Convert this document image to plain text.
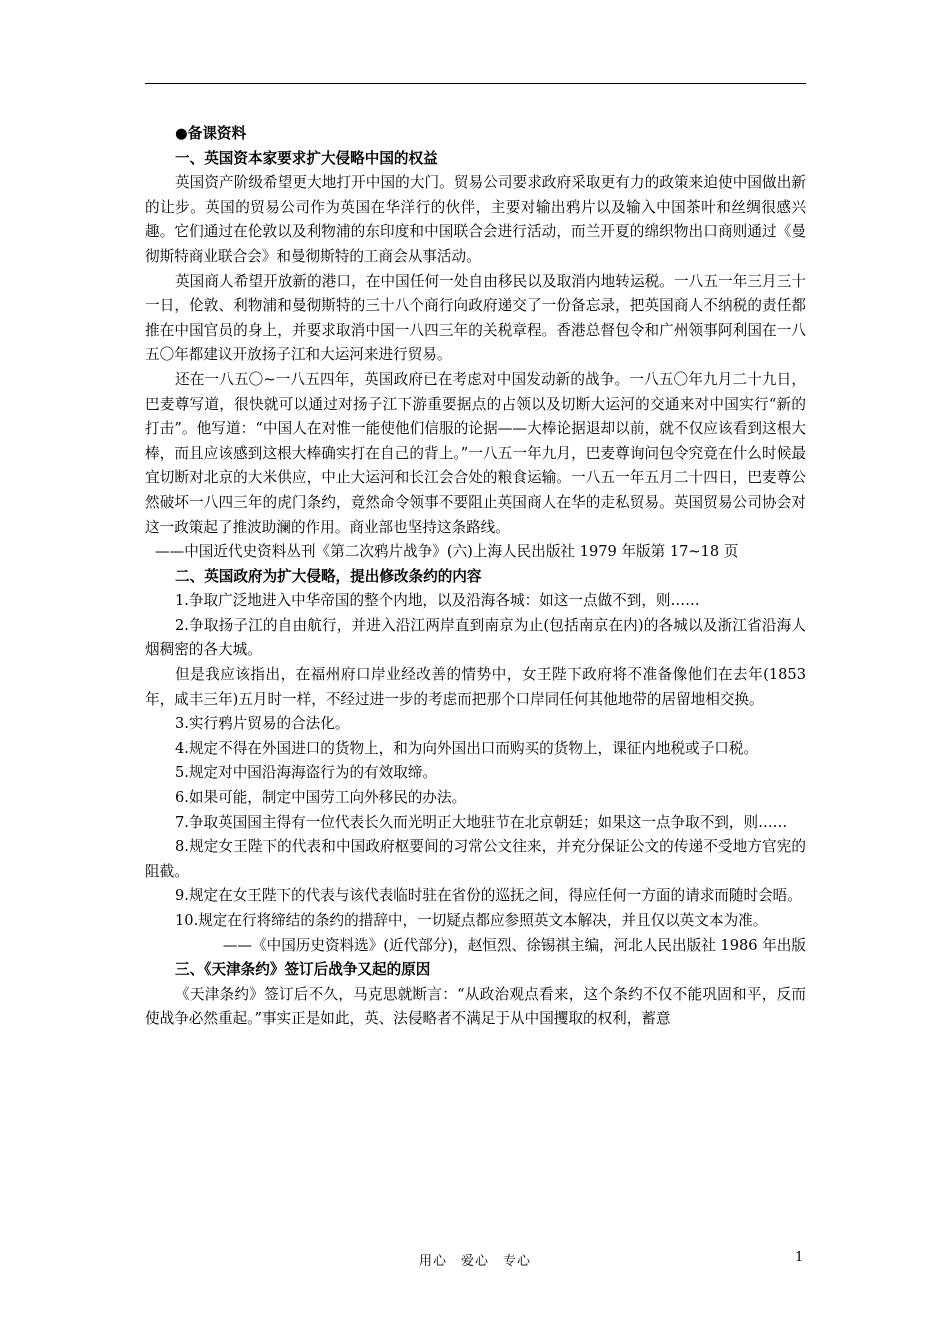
●备课资料

一、英国资本家要求扩大侵略中国的权益

英国资产阶级希望更大地打开中国的大门。贸易公司要求政府采取更有力的政策来迫使中国做出新的让步。英国的贸易公司作为英国在华洋行的伙伴，主要对输出鸦片以及输入中国茶叶和丝绸很感兴趣。它们通过在伦敦以及利物浦的东印度和中国联合会进行活动，而兰开夏的绵织物出口商则通过《曼彻斯特商业联合会》和曼彻斯特的工商会从事活动。

英国商人希望开放新的港口，在中国任何一处自由移民以及取消内地转运税。一八五一年三月三十一日，伦敦、利物浦和曼彻斯特的三十八个商行向政府递交了一份备忘录，把英国商人不纳税的责任都推在中国官员的身上，并要求取消中国一八四三年的关税章程。香港总督包令和广州领事阿利国在一八五〇年都建议开放扬子江和大运河来进行贸易。

还在一八五〇~一八五四年，英国政府已在考虑对中国发动新的战争。一八五〇年九月二十九日，巴麦尊写道，很快就可以通过对扬子江下游重要据点的占领以及切断大运河的交通来对中国实行“新的打击”。他写道：“中国人在对惟一能使他们信服的论据——大棒论据退却以前，就不仅应该看到这根大棒，而且应该感到这根大棒确实打在自己的背上。”一八五一年九月，巴麦尊询问包令究竟在什么时候最宜切断对北京的大米供应，中止大运河和长江会合处的粮食运输。一八五一年五月二十四日，巴麦尊公然破坏一八四三年的虎门条约，竟然命令领事不要阻止英国商人在华的走私贸易。英国贸易公司协会对这一政策起了推波助澜的作用。商业部也坚持这条路线。

——中国近代史资料丛刊《第二次鸦片战争》(六)上海人民出版社 1979 年版第 17~18 页

二、英国政府为扩大侵略，提出修改条约的内容

1.争取广泛地进入中华帝国的整个内地，以及沿海各城：如这一点做不到，则……

2.争取扬子江的自由航行，并进入沿江两岸直到南京为止(包括南京在内)的各城以及浙江省沿海人烟稠密的各大城。

但是我应该指出，在福州府口岸业经改善的情势中，女王陛下政府将不准备像他们在去年(1853 年，咸丰三年)五月时一样，不经过进一步的考虑而把那个口岸同任何其他地带的居留地相交换。

3.实行鸦片贸易的合法化。

4.规定不得在外国进口的货物上，和为向外国出口而购买的货物上，课征内地税或子口税。

5.规定对中国沿海海盗行为的有效取缔。

6.如果可能，制定中国劳工向外移民的办法。

7.争取英国国主得有一位代表长久而光明正大地驻节在北京朝廷；如果这一点争取不到，则……

8.规定女王陛下的代表和中国政府枢要间的习常公文往来，并充分保证公文的传递不受地方官宪的阻截。

9.规定在女王陛下的代表与该代表临时驻在省份的巡抚之间，得应任何一方面的请求而随时会晤。

10.规定在行将缔结的条约的措辞中，一切疑点都应参照英文本解决，并且仅以英文本为准。

——《中国历史资料选》(近代部分)，赵恒烈、徐锡祺主编，河北人民出版社 1986 年出版

三、《天津条约》签订后战争又起的原因

《天津条约》签订后不久，马克思就断言：“从政治观点看来，这个条约不仅不能巩固和平，反而使战争必然重起。”事实正是如此，英、法侵略者不满足于从中国攫取的权利，蓄意

用心　爱心　专心	1
